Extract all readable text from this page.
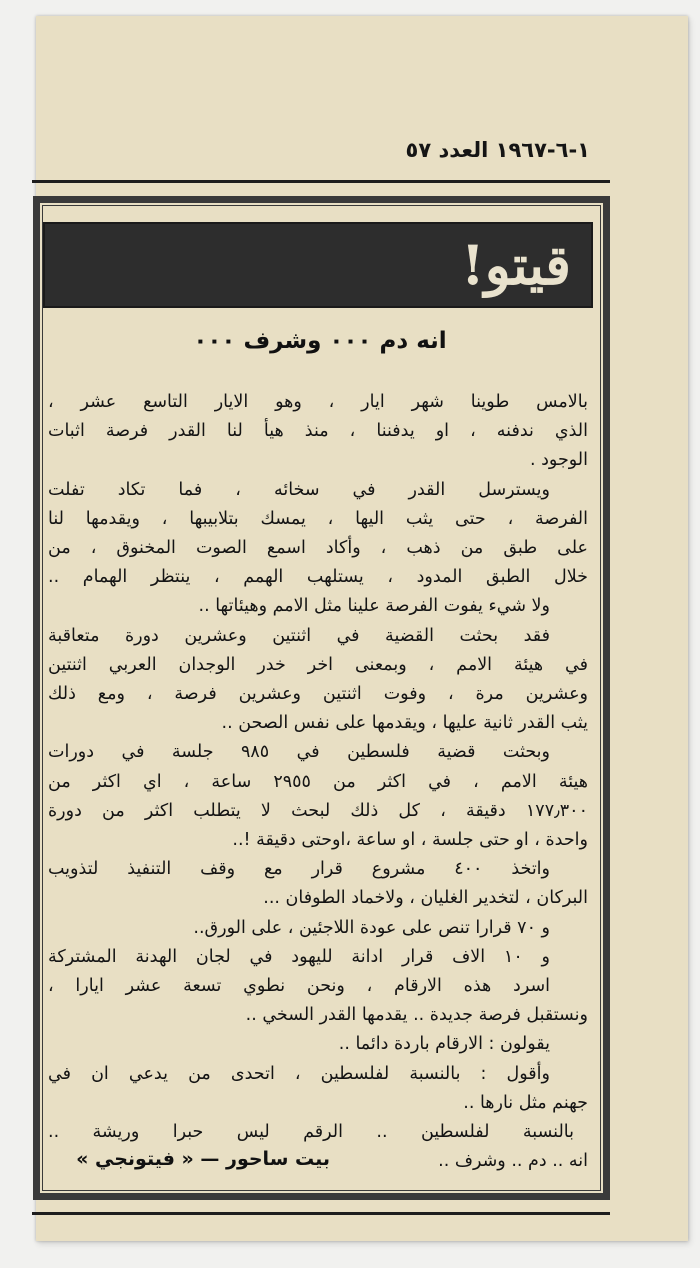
١-٦-١٩٦٧ العدد ٥٧
قيتو!
انه دم ٠٠٠ وشرف ٠٠٠
بالامس طوينا شهر ايار ، وهو الايار التاسع عشر ،
الذي ندفنه ، او يدفننا ، منذ هيأ لنا القدر فرصة اثبات
الوجود .
ويسترسل القدر في سخائه ، فما تكاد تفلت
الفرصة ، حتى يثب اليها ، يمسك بتلابيبها ، ويقدمها لنا
على طبق من ذهب ، وأكاد اسمع الصوت المخنوق ، من
خلال الطبق المدود ، يستلهب الهمم ، ينتظر الهمام ..
ولا شيء يفوت الفرصة علينا مثل الامم وهيئاتها ..
فقد بحثت القضية في اثنتين وعشرين دورة متعاقبة
في هيئة الامم ، وبمعنى اخر خدر الوجدان العربي اثنتين
وعشرين مرة ، وفوت اثنتين وعشرين فرصة ، ومع ذلك
يثب القدر ثانية عليها ، ويقدمها على نفس الصحن ..
وبحثت قضية فلسطين في ٩٨٥ جلسة في دورات
هيئة الامم ، في اكثر من ٢٩٥٥ ساعة ، اي اكثر من
١٧٧٫٣٠٠ دقيقة ، كل ذلك لبحث لا يتطلب اكثر من دورة
واحدة ، او حتى جلسة ، او ساعة ،اوحتى دقيقة !..
واتخذ ٤٠٠ مشروع قرار مع وقف التنفيذ لتذويب
البركان ، لتخدير الغليان ، ولاخماد الطوفان ...
و ٧٠ قرارا تنص على عودة اللاجئين ، على الورق..
و ١٠ الاف قرار ادانة لليهود في لجان الهدنة المشتركة
اسرد هذه الارقام ، ونحن نطوي تسعة عشر ايارا ،
ونستقبل فرصة جديدة .. يقدمها القدر السخي ..
يقولون : الارقام باردة دائما ..
وأقول : بالنسبة لفلسطين ، اتحدى من يدعي ان في
جهنم مثل نارها ..
بالنسبة لفلسطين .. الرقم ليس حبرا وريشة ..
انه .. دم .. وشرف ..
بيت ساحور — « فيتونجي »
